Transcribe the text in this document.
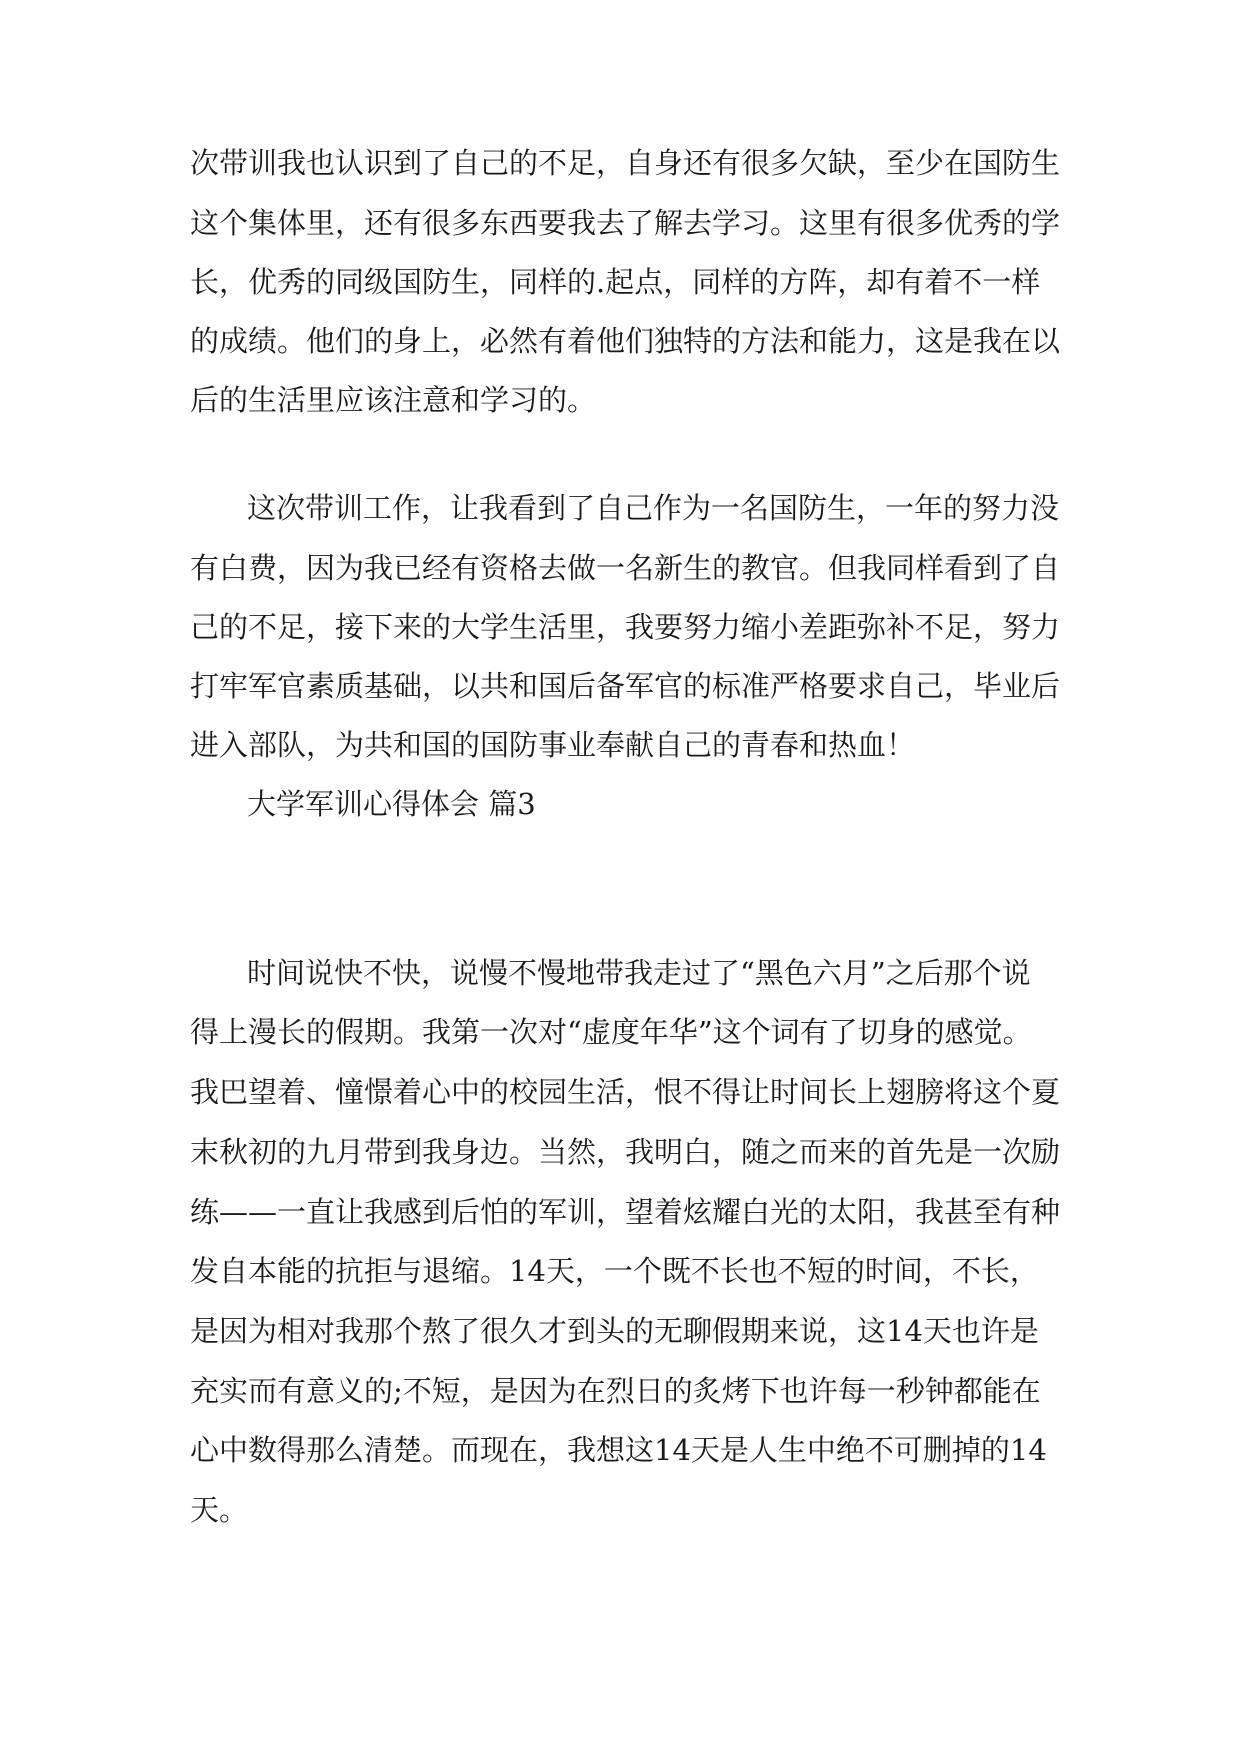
次带训我也认识到了自己的不足，自身还有很多欠缺，至少在国防生

这个集体里，还有很多东西要我去了解去学习。这里有很多优秀的学

长，优秀的同级国防生，同样的.起点，同样的方阵，却有着不一样

的成绩。他们的身上，必然有着他们独特的方法和能力，这是我在以

后的生活里应该注意和学习的。

这次带训工作，让我看到了自己作为一名国防生，一年的努力没

有白费，因为我已经有资格去做一名新生的教官。但我同样看到了自

己的不足，接下来的大学生活里，我要努力缩小差距弥补不足，努力

打牢军官素质基础，以共和国后备军官的标准严格要求自己，毕业后

进入部队，为共和国的国防事业奉献自己的青春和热血！

大学军训心得体会 篇3

时间说快不快，说慢不慢地带我走过了“黑色六月”之后那个说

得上漫长的假期。我第一次对“虚度年华”这个词有了切身的感觉。

我巴望着、憧憬着心中的校园生活，恨不得让时间长上翅膀将这个夏

末秋初的九月带到我身边。当然，我明白，随之而来的首先是一次励

练——一直让我感到后怕的军训，望着炫耀白光的太阳，我甚至有种

发自本能的抗拒与退缩。14天，一个既不长也不短的时间，不长，

是因为相对我那个熬了很久才到头的无聊假期来说，这14天也许是

充实而有意义的;不短，是因为在烈日的炙烤下也许每一秒钟都能在

心中数得那么清楚。而现在，我想这14天是人生中绝不可删掉的14

天。
